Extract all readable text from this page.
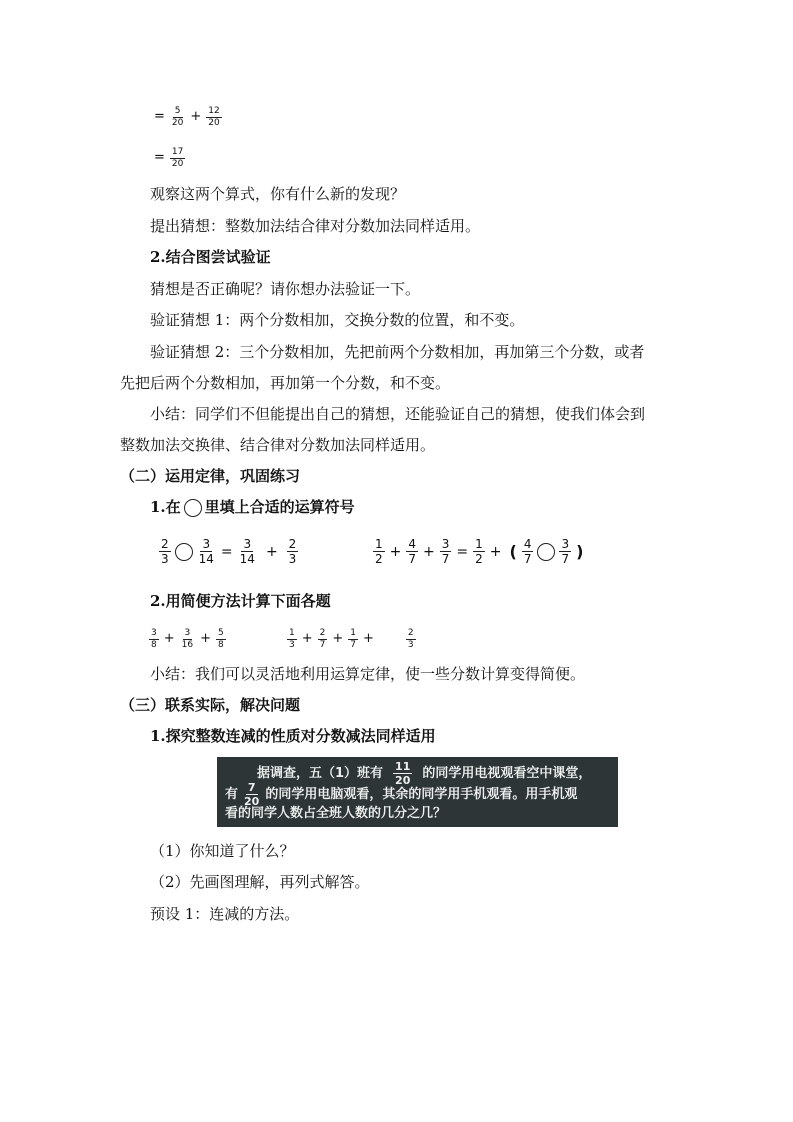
= $\frac{5}{20} + \frac{12}{20}$
= $\frac{17}{20}$
观察这两个算式，你有什么新的发现？
提出猜想：整数加法结合律对分数加法同样适用。
2.结合图尝试验证
猜想是否正确呢？请你想办法验证一下。
验证猜想 1：两个分数相加，交换分数的位置，和不变。
验证猜想 2：三个分数相加，先把前两个分数相加，再加第三个分数，或者
先把后两个分数相加，再加第一个分数，和不变。
小结：同学们不但能提出自己的猜想，还能验证自己的猜想，使我们体会到
整数加法交换律、结合律对分数加法同样适用。
（二）运用定律，巩固练习
1.在 里填上合适的运算符号
$\frac{2}{3} \frac{3}{14} = \frac{3}{14} + \frac{2}{3}$	$\frac{1}{2} + \frac{4}{7} + \frac{3}{7} = \frac{1}{2}$ + ( $\frac{4}{7} \frac{3}{7}$ )
2.用简便方法计算下面各题
$\frac{3}{8} + \frac{3}{16} + \frac{5}{8}$	$\frac{1}{3} + \frac{2}{7} + \frac{1}{7}$ +	$\frac{2}{3}$
小结：我们可以灵活地利用运算定律，使一些分数计算变得简便。
（三）联系实际，解决问题
1.探究整数连减的性质对分数减法同样适用
据调查，五（1）班有 $\frac{11}{20}$ 的同学用电视观看空中课堂，
有 $\frac{7}{20}$ 的同学用电脑观看，其余的同学用手机观看。用手机观
看的同学人数占全班人数的几分之几？
（1）你知道了什么？
（2）先画图理解，再列式解答。
预设 1：连减的方法。
